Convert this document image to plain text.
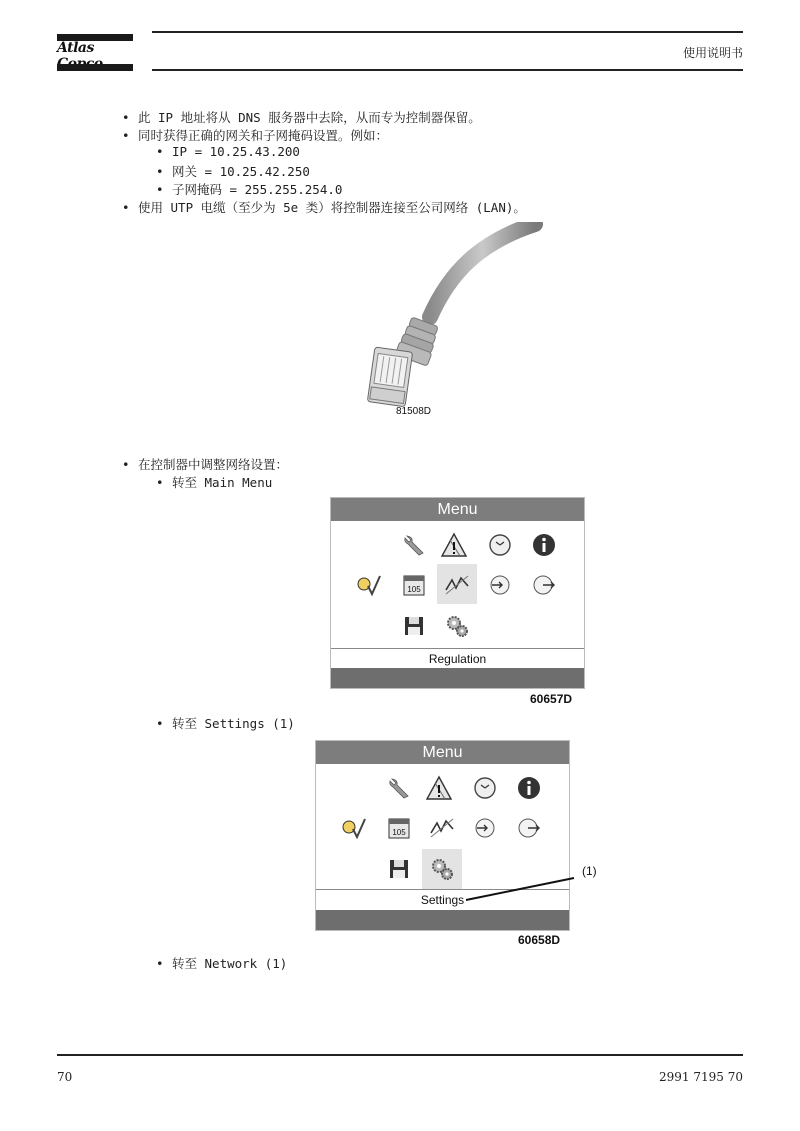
Atlas	使用说明书
• 此 IP 地址将从 DNS 服务器中去除，从而专为控制器保留。
• 同时获得正确的网关和子网掩码设置。例如：
• IP = 10.25.43.200
• 网关 = 10.25.42.250
• 子网掩码 = 255.255.254.0
• 使用 UTP 电缆（至少为 5e 类）将控制器连接至公司网络 (LAN)。
81508D
• 在控制器中调整网络设置：
• 转至 Main Menu
Menu
105
Regulation
60657D
• 转至 Settings (1)
Menu
105
Settings
(1)
60658D
• 转至 Network (1)
70	2991 7195 70
